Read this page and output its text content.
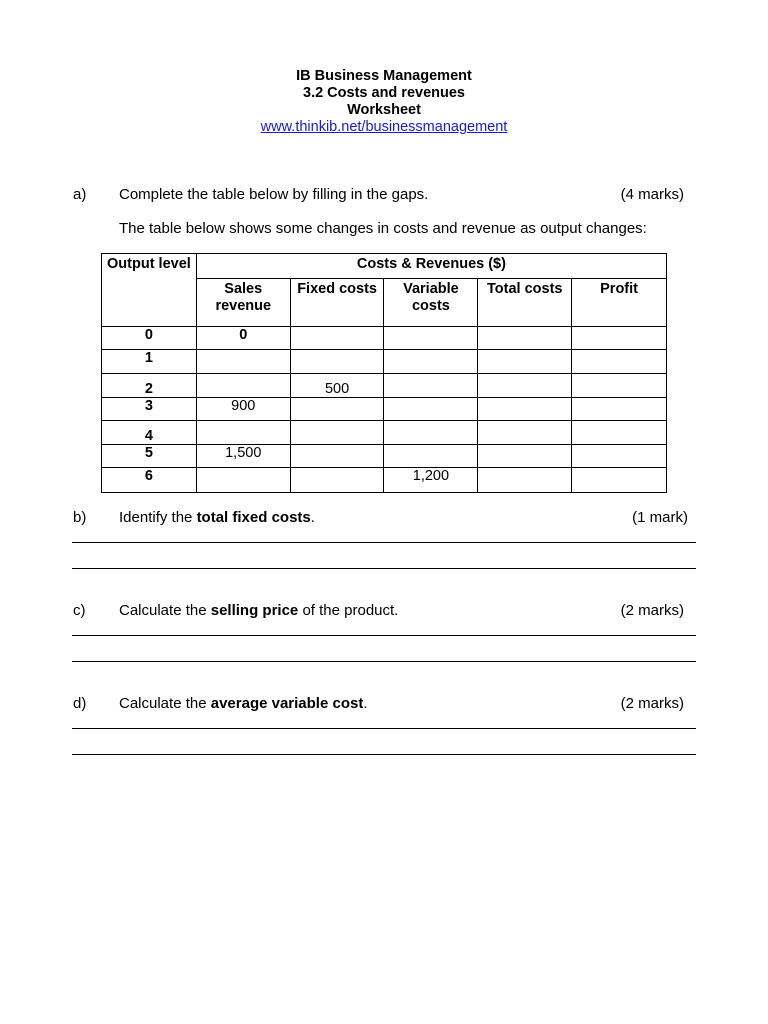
IB Business Management
3.2 Costs and revenues
Worksheet
www.thinkib.net/businessmanagement
a) Complete the table below by filling in the gaps.	(4 marks)
The table below shows some changes in costs and revenue as output changes:
Output level	Costs & Revenues ($)				

	Sales revenue	Fixed costs	Variable costs	Total costs	Profit

0	0				
1					
2		500			
3	900				
4					
5	1,500				
6			1,200		
b) Identify the total fixed costs.	(1 mark)
c) Calculate the selling price of the product.	(2 marks)
d) Calculate the average variable cost.	(2 marks)
